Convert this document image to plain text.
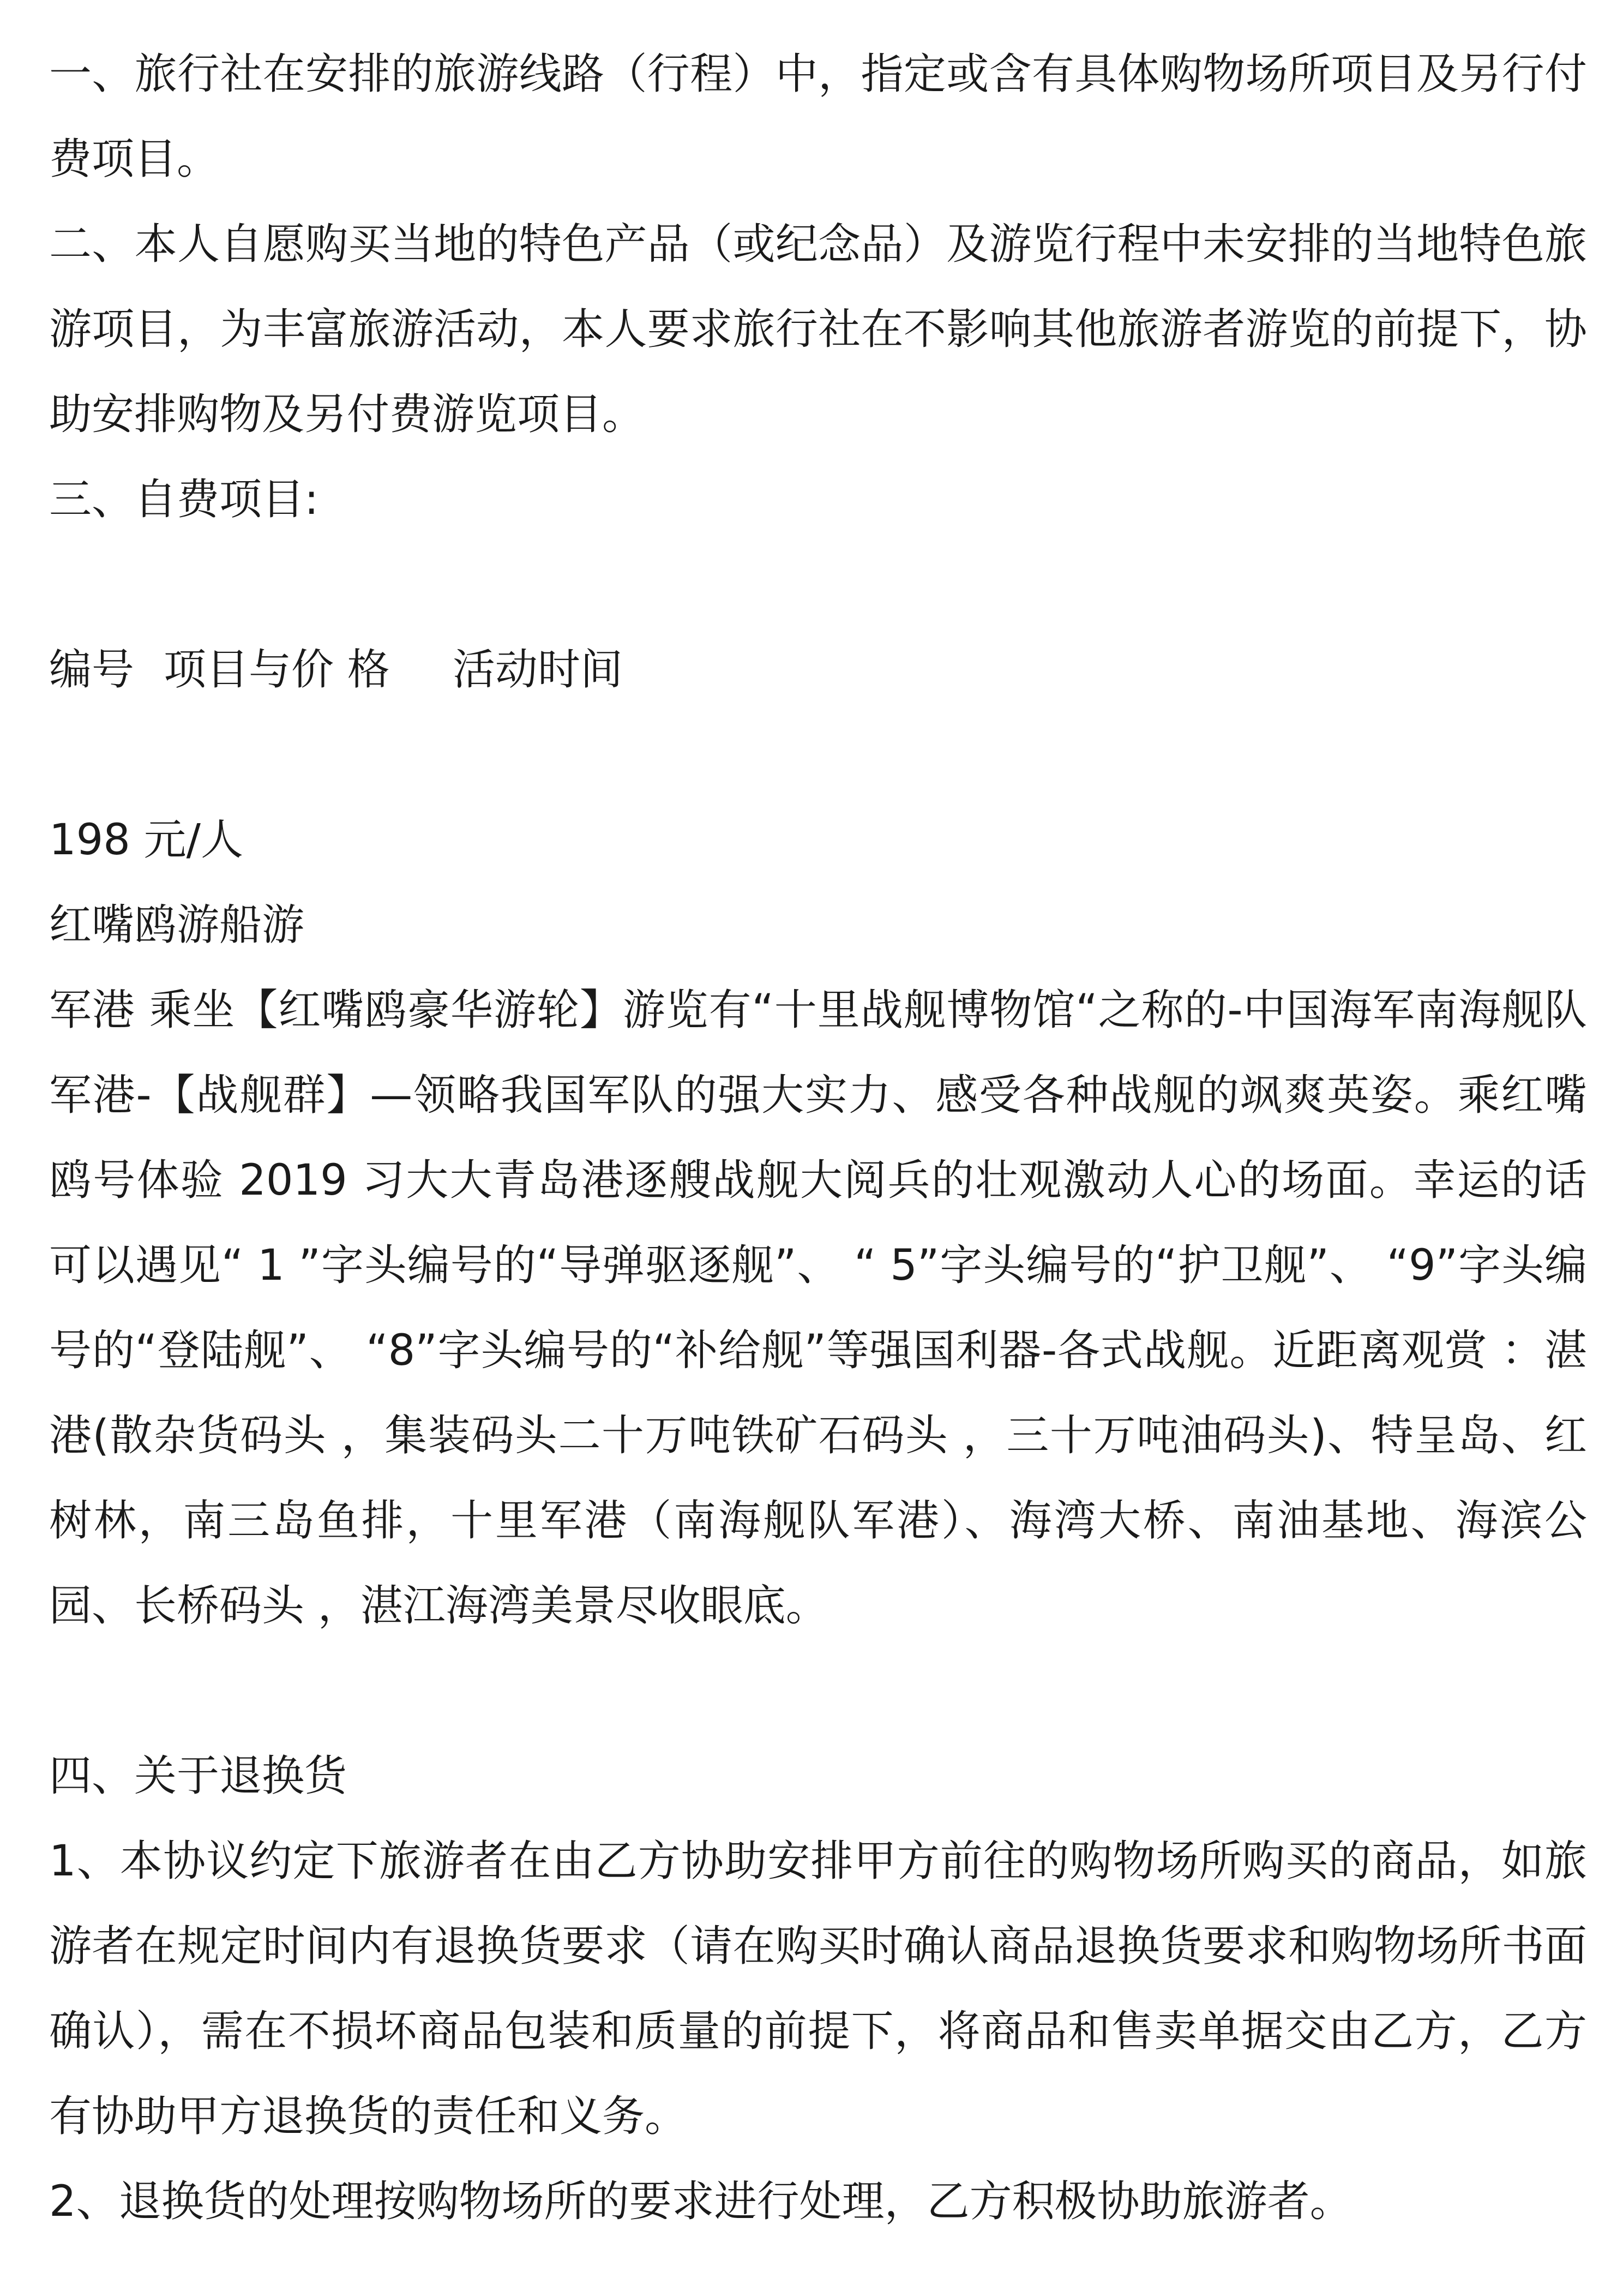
一、旅行社在安排的旅游线路（行程）中，指定或含有具体购物场所项目及另行付费项目。

二、本人自愿购买当地的特色产品（或纪念品）及游览行程中未安排的当地特色旅游项目，为丰富旅游活动，本人要求旅行社在不影响其他旅游者游览的前提下，协助安排购物及另付费游览项目。

三、自费项目:

编号 项目与价 格	活动时间

198 元/人

红嘴鸥游船游

军港 乘坐【红嘴鸥豪华游轮】游览有“十里战舰博物馆“之称的-中国海军南海舰队军港-【战舰群】—领略我国军队的强大实力、感受各种战舰的飒爽英姿。乘红嘴鸥号体验 2019 习大大青岛港逐艘战舰大阅兵的壮观激动人心的场面。幸运的话可以遇见“ 1 ”字头编号的“导弹驱逐舰”、 “ 5”字头编号的“护卫舰”、 “9”字头编号的“登陆舰”、 “8”字头编号的“补给舰”等强国利器-各式战舰。近距离观赏 ：湛港(散杂货码头 ，集装码头二十万吨铁矿石码头 ，三十万吨油码头)、特呈岛、红树林，南三岛鱼排，十里军港（南海舰队军港）、海湾大桥、南油基地、海滨公园、长桥码头 ，湛江海湾美景尽收眼底。

四、关于退换货

1、本协议约定下旅游者在由乙方协助安排甲方前往的购物场所购买的商品，如旅游者在规定时间内有退换货要求（请在购买时确认商品退换货要求和购物场所书面确认），需在不损坏商品包装和质量的前提下，将商品和售卖单据交由乙方，乙方有协助甲方退换货的责任和义务。

2、退换货的处理按购物场所的要求进行处理，乙方积极协助旅游者。
